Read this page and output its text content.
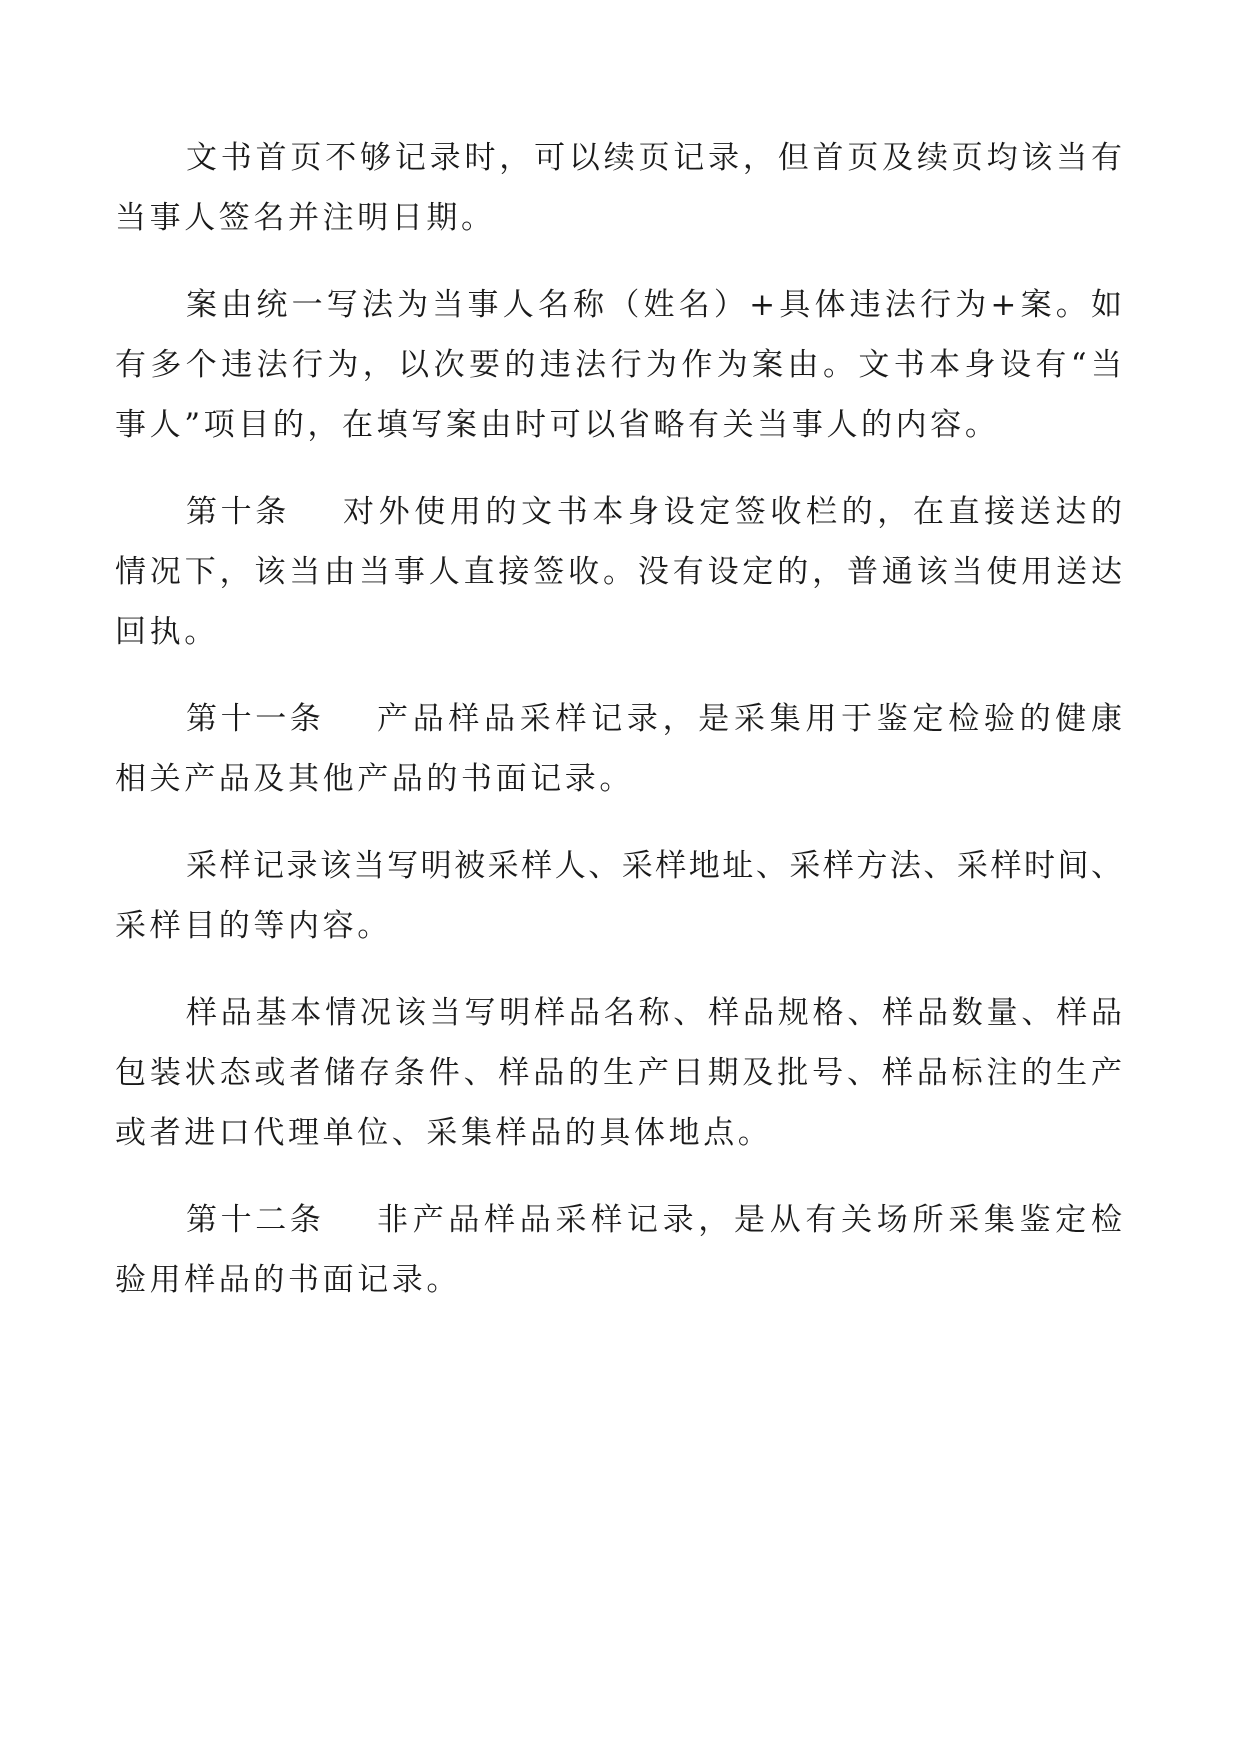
文书首页不够记录时，可以续页记录，但首页及续页均该当有
当事人签名并注明日期。
案由统一写法为当事人名称（姓名）+具体违法行为+案。如
有多个违法行为，以次要的违法行为作为案由。文书本身设有“当
事人”项目的，在填写案由时可以省略有关当事人的内容。
第十条 对外使用的文书本身设定签收栏的，在直接送达的
情况下，该当由当事人直接签收。没有设定的，普通该当使用送达
回执。
第十一条 产品样品采样记录，是采集用于鉴定检验的健康
相关产品及其他产品的书面记录。
采样记录该当写明被采样人、采样地址、采样方法、采样时间、
采样目的等内容。
样品基本情况该当写明样品名称、样品规格、样品数量、样品
包装状态或者储存条件、样品的生产日期及批号、样品标注的生产
或者进口代理单位、采集样品的具体地点。
第十二条 非产品样品采样记录，是从有关场所采集鉴定检
验用样品的书面记录。
